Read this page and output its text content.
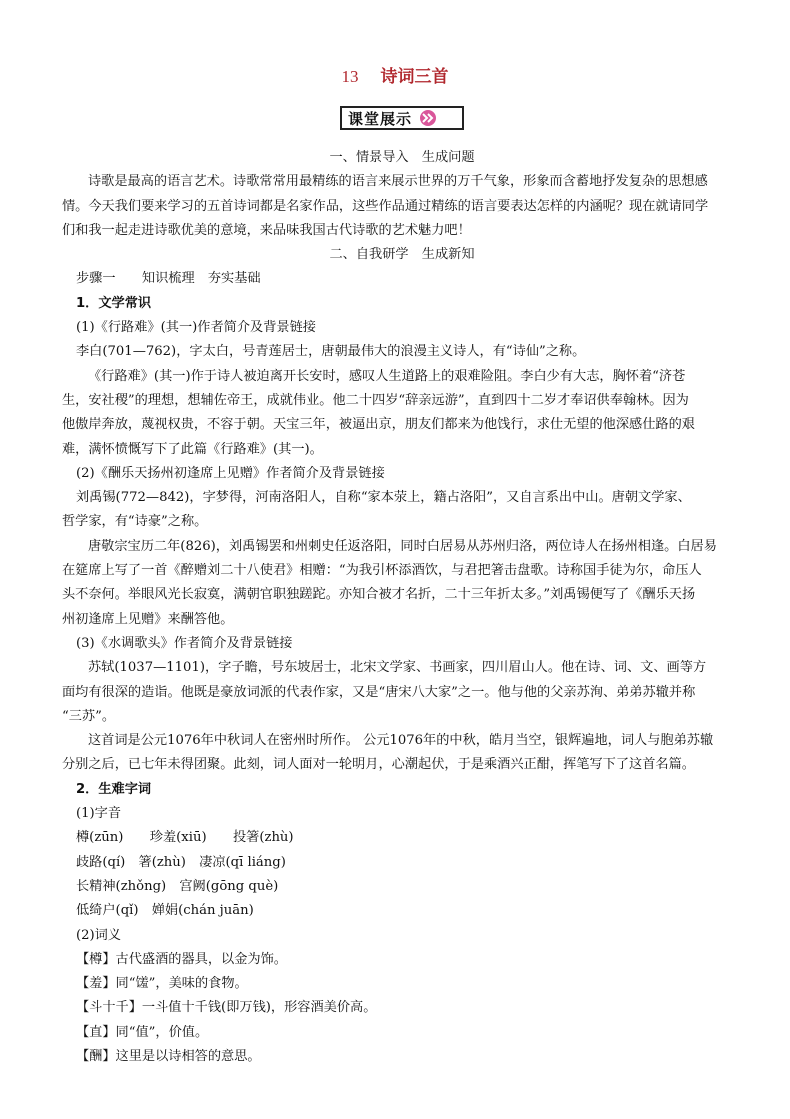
13 诗词三首
课堂展示
一、情景导入　生成问题
诗歌是最高的语言艺术。诗歌常常用最精练的语言来展示世界的万千气象，形象而含蓄地抒发复杂的思想感
情。今天我们要来学习的五首诗词都是名家作品，这些作品通过精练的语言要表达怎样的内涵呢？现在就请同学
们和我一起走进诗歌优美的意境，来品味我国古代诗歌的艺术魅力吧！
二、自我研学　生成新知
步骤一　　知识梳理　夯实基础
1．文学常识
(1)《行路难》(其一)作者简介及背景链接
李白(701—762)，字太白，号青莲居士，唐朝最伟大的浪漫主义诗人，有“诗仙”之称。
《行路难》(其一)作于诗人被迫离开长安时，感叹人生道路上的艰难险阻。李白少有大志，胸怀着“济苍
生，安社稷”的理想，想辅佐帝王，成就伟业。他二十四岁“辞亲远游”，直到四十二岁才奉诏供奉翰林。因为
他傲岸奔放，蔑视权贵，不容于朝。天宝三年，被逼出京，朋友们都来为他饯行，求仕无望的他深感仕路的艰
难，满怀愤慨写下了此篇《行路难》(其一)。
(2)《酬乐天扬州初逢席上见赠》作者简介及背景链接
刘禹锡(772—842)，字梦得，河南洛阳人，自称“家本荥上，籍占洛阳”，又自言系出中山。唐朝文学家、
哲学家，有“诗豪”之称。
唐敬宗宝历二年(826)，刘禹锡罢和州刺史任返洛阳，同时白居易从苏州归洛，两位诗人在扬州相逢。白居易
在筵席上写了一首《醉赠刘二十八使君》相赠：“为我引杯添酒饮，与君把箸击盘歌。诗称国手徒为尔，命压人
头不奈何。举眼风光长寂寞，满朝官职独蹉跎。亦知合被才名折，二十三年折太多。”刘禹锡便写了《酬乐天扬
州初逢席上见赠》来酬答他。
(3)《水调歌头》作者简介及背景链接
苏轼(1037—1101)，字子瞻，号东坡居士，北宋文学家、书画家，四川眉山人。他在诗、词、文、画等方
面均有很深的造诣。他既是豪放词派的代表作家，又是“唐宋八大家”之一。他与他的父亲苏洵、弟弟苏辙并称
“三苏”。
这首词是公元1076年中秋词人在密州时所作。 公元1076年的中秋，皓月当空，银辉遍地，词人与胞弟苏辙
分别之后，已七年未得团聚。此刻，词人面对一轮明月，心潮起伏，于是乘酒兴正酣，挥笔写下了这首名篇。
2．生难字词
(1)字音
樽(zūn)　　珍羞(xiū)　　投箸(zhù)
歧路(qí)　箸(zhù)　凄凉(qī liáng)
长精神(zhǒng)　宫阙(gōng què)
低绮户(qǐ)　婵娟(chán juān)
(2)词义
【樽】古代盛酒的器具，以金为饰。
【羞】同“馐”，美味的食物。
【斗十千】一斗值十千钱(即万钱)，形容酒美价高。
【直】同“值”，价值。
【酬】这里是以诗相答的意思。
